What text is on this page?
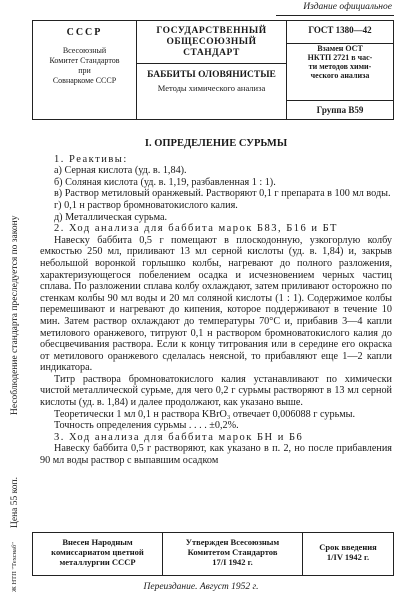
Издание официальное
Несоблюдение стандарта преследуется по закону
Цена 55 коп.
Ж НТП "Техснаб"
СССР
Всесоюзный
Комитет Стандартов
при
Совнаркоме СССР
ГОСУДАРСТВЕННЫЙ
ОБЩЕСОЮЗНЫЙ СТАНДАРТ
БАББИТЫ ОЛОВЯНИСТЫЕ
Методы химического анализа
ГОСТ 1380—42
Взамен ОСТ
НКТП 2721 в час-
ти методов хими-
ческого анализа
Группа В59
I. ОПРЕДЕЛЕНИЕ СУРЬМЫ

1. Реактивы:

а) Серная кислота (уд. в. 1,84).

б) Соляная кислота (уд. в. 1,19, разбавленная 1 : 1).

в) Раствор метиловый оранжевый. Растворяют 0,1 г препарата в 100 мл воды.

г) 0,1 н раствор бромноватокислого калия.

д) Металлическая сурьма.

2. Ход анализа для баббита марок Б83, Б16 и БТ

Навеску баббита 0,5 г помещают в плоскодонную, узкогорлую колбу емкостью 250 мл, приливают 13 мл серной кислоты (уд. в. 1,84) и, закрыв небольшой воронкой горлышко колбы, нагревают до полного разложения, характеризующегося побелением осадка и исчезновением черных частиц сплава. По разложении сплава колбу охлаждают, затем приливают осторожно по стенкам колбы 90 мл воды и 20 мл соляной кислоты (1 : 1). Содержимое колбы перемешивают и нагревают до кипения, которое поддерживают в течение 10 мин. Затем раствор охлаждают до температуры 70°С и, прибавив 3—4 капли метилового оранжевого, титруют 0,1 н раствором бромноватокислого калия до обесцвечивания раствора. Если к концу титрования или в середине его окраска от метилового оранжевого сделалась неясной, то прибавляют еще 1—2 капли индикатора.

Титр раствора бромноватокислого калия устанавливают по химически чистой металлической сурьме, для чего 0,2 г сурьмы растворяют в 13 мл серной кислоты (уд. в. 1,84) и далее продолжают, как указано выше.

Теоретически 1 мл 0,1 н раствора KBrO₃ отвечает 0,006088 г сурьмы.

Точность определения сурьмы . . . . ±0,2%.

3. Ход анализа для баббита марок БН и Б6

Навеску баббита 0,5 г растворяют, как указано в п. 2, но после прибавления 90 мл воды раствор с выпавшим осадком

Внесен Народным
комиссариатом цветной
металлургии СССР
Утвержден Всесоюзным
Комитетом Стандартов
17/I 1942 г.
Срок введения
1/IV 1942 г.
Переиздание. Август 1952 г.
